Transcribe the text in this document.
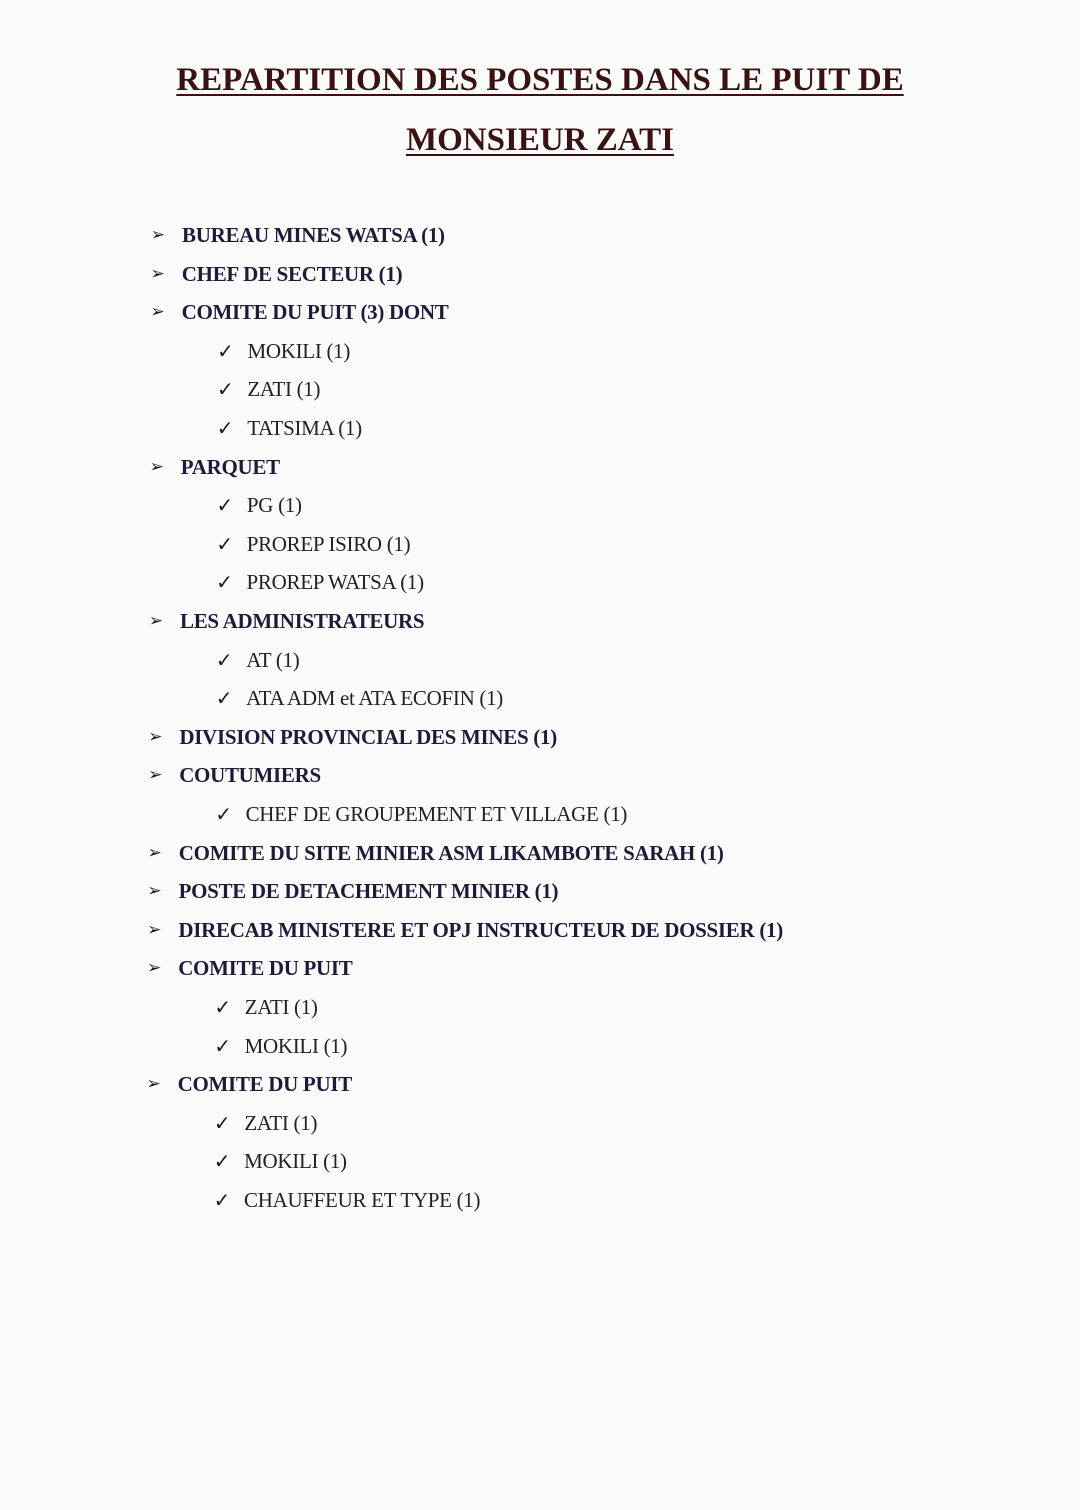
REPARTITION DES POSTES DANS LE PUIT DE
MONSIEUR ZATI
➢ BUREAU MINES WATSA (1)
➢ CHEF DE SECTEUR (1)
➢ COMITE DU PUIT (3) DONT
✓ MOKILI (1)
✓ ZATI (1)
✓ TATSIMA (1)
➢ PARQUET
✓ PG (1)
✓ PROREP ISIRO (1)
✓ PROREP WATSA (1)
➢ LES ADMINISTRATEURS
✓ AT (1)
✓ ATA ADM et ATA ECOFIN (1)
➢ DIVISION PROVINCIAL DES MINES (1)
➢ COUTUMIERS
✓ CHEF DE GROUPEMENT ET VILLAGE (1)
➢ COMITE DU SITE MINIER ASM LIKAMBOTE SARAH (1)
➢ POSTE DE DETACHEMENT MINIER (1)
➢ DIRECAB MINISTERE ET OPJ INSTRUCTEUR DE DOSSIER (1)
➢ COMITE DU PUIT
✓ ZATI (1)
✓ MOKILI (1)
➢ COMITE DU PUIT
✓ ZATI (1)
✓ MOKILI (1)
✓ CHAUFFEUR ET TYPE (1)
